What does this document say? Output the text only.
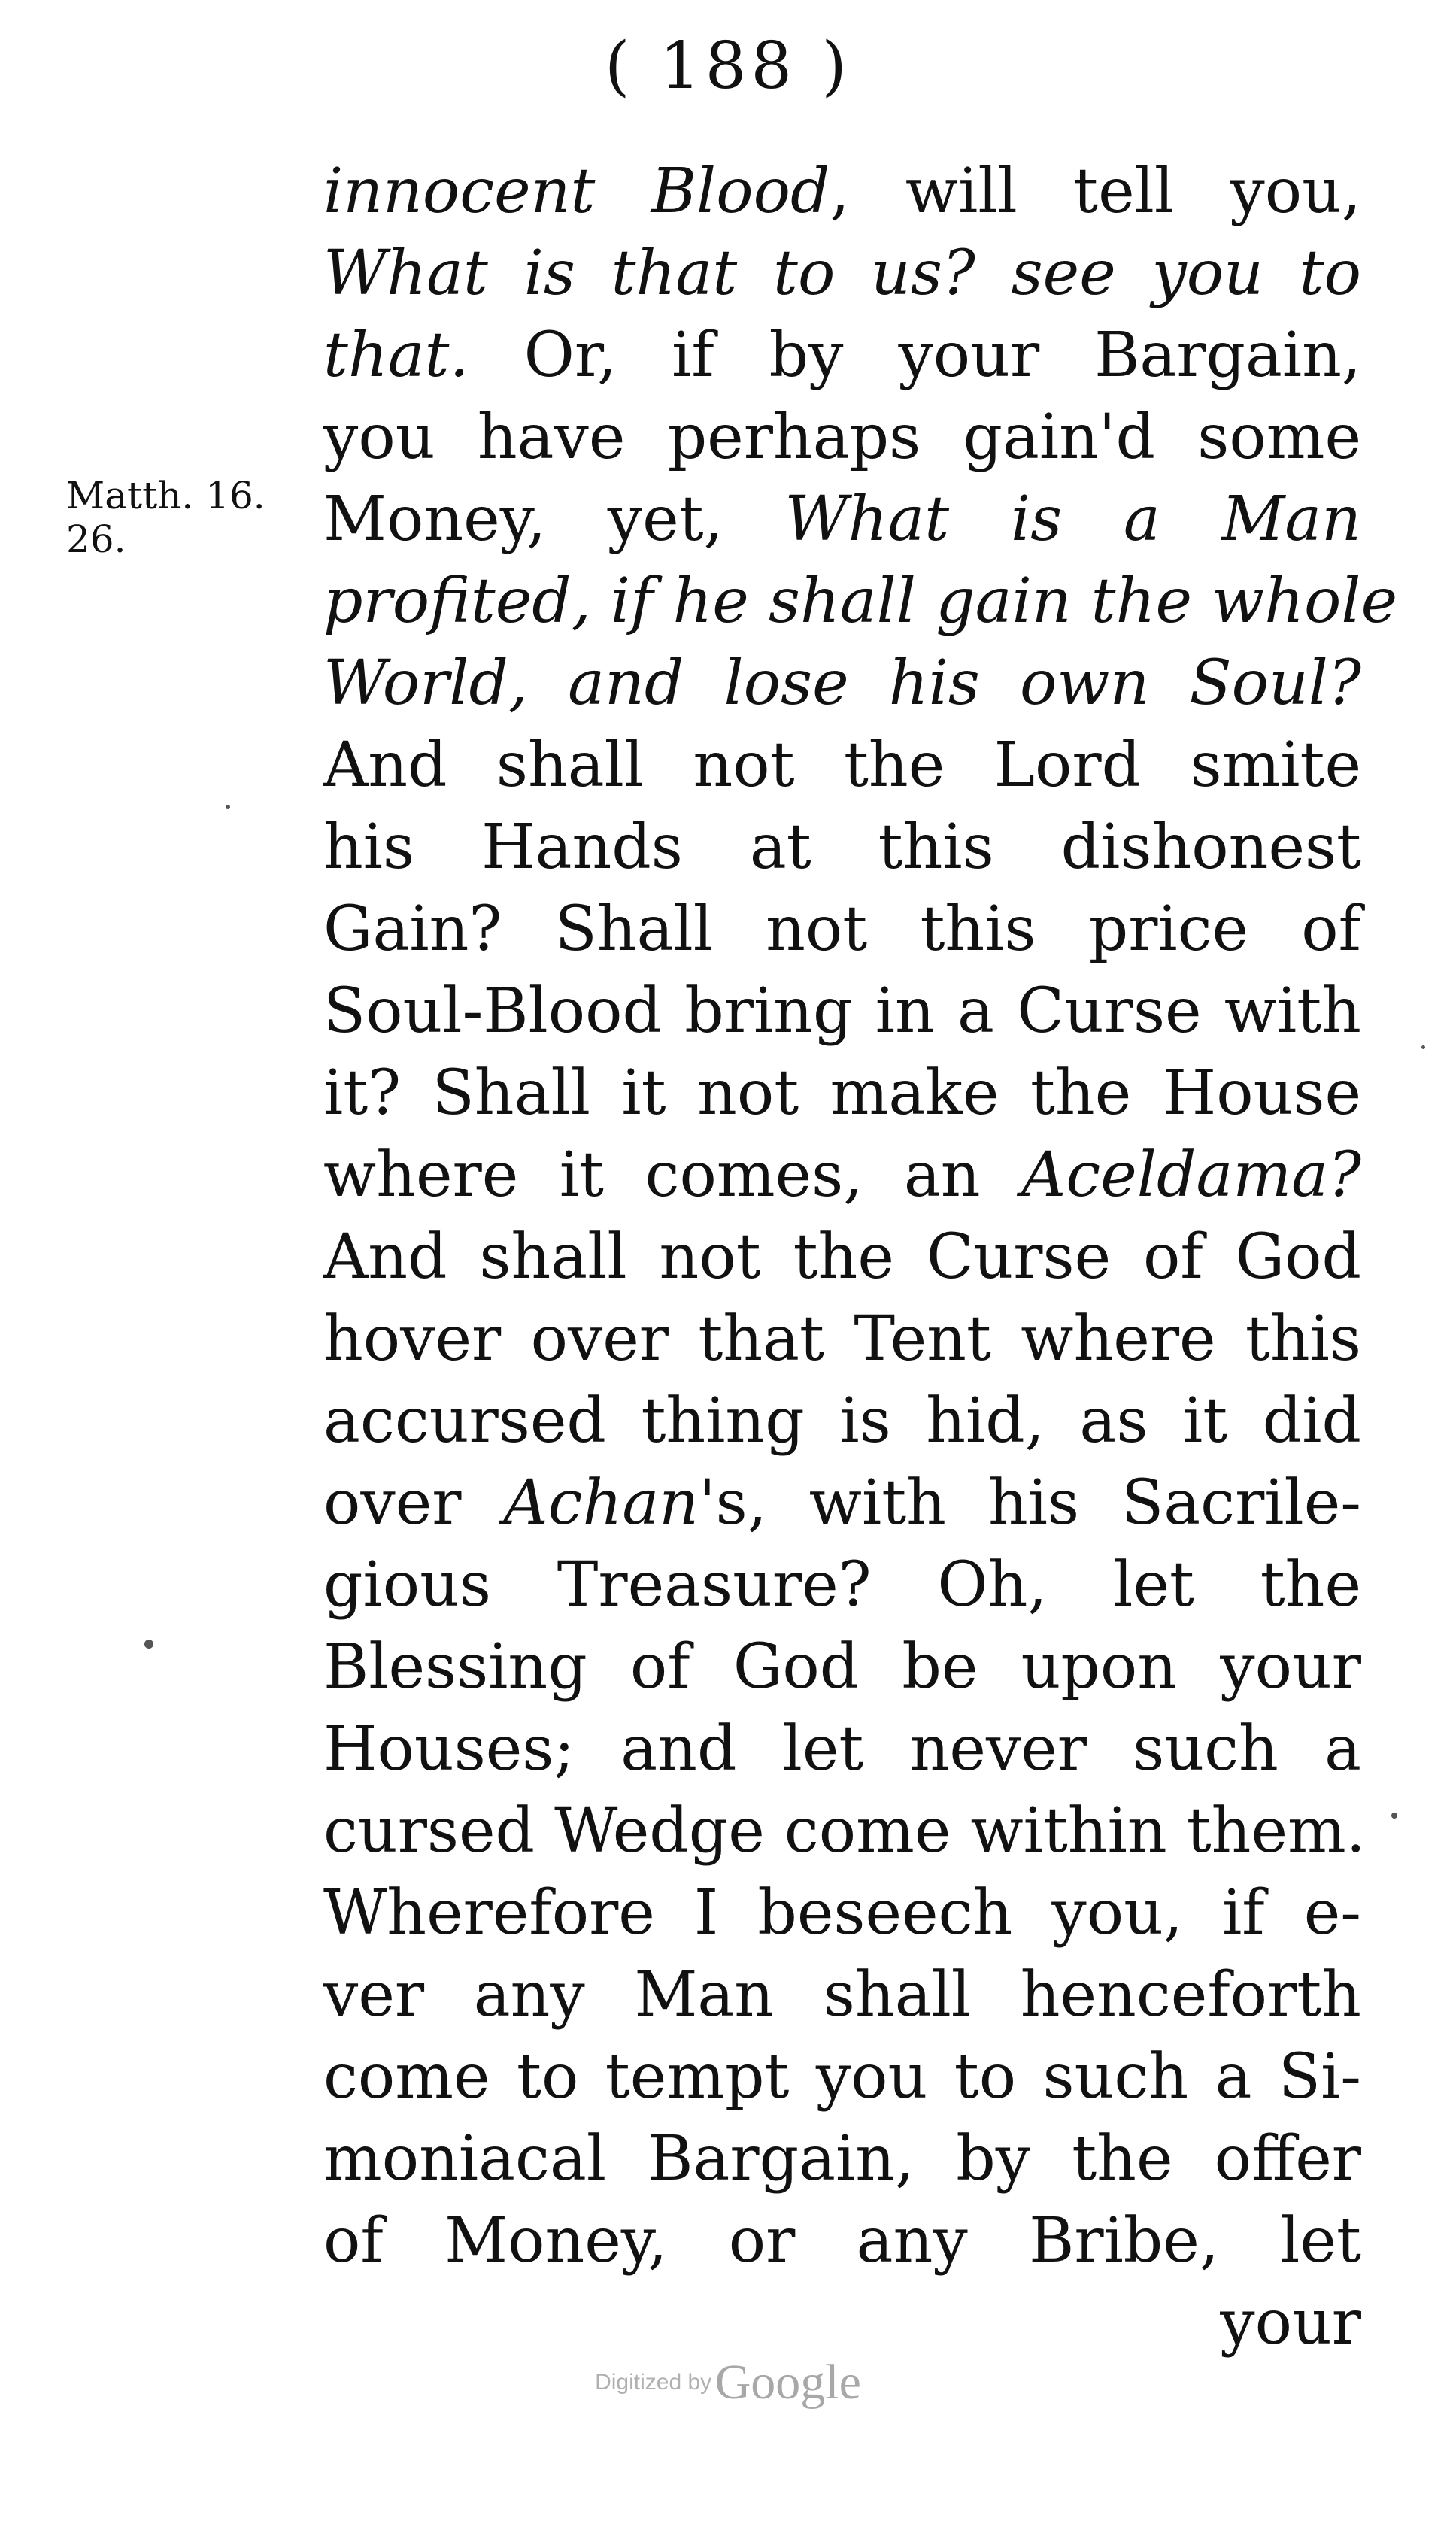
( 188 )
Matth. 16.
26.
innocent Blood, will tell you,
What is that to us? see you to
that. Or, if by your Bargain,
you have perhaps gain'd some
Money, yet, What is a Man
profited, if he shall gain the whole
World, and lose his own Soul?
And shall not the Lord smite
his Hands at this dishonest
Gain? Shall not this price of
Soul-Blood bring in a Curse with
it? Shall it not make the House
where it comes, an Aceldama?
And shall not the Curse of God
hover over that Tent where this
accursed thing is hid, as it did
over Achan's, with his Sacrile-
gious Treasure? Oh, let the
Blessing of God be upon your
Houses; and let never such a
cursed Wedge come within them.
Wherefore I beseech you, if e-
ver any Man shall henceforth
come to tempt you to such a Si-
moniacal Bargain, by the offer
of Money, or any Bribe, let
your
Digitized by Google
